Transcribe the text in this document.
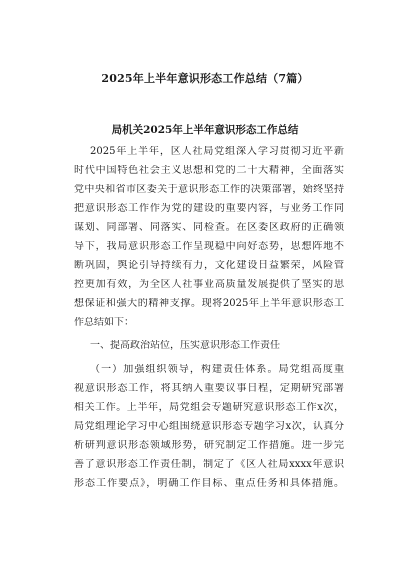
2025年上半年意识形态工作总结（7篇）
局机关2025年上半年意识形态工作总结
2025年上半年，区人社局党组深入学习贯彻习近平新
时代中国特色社会主义思想和党的二十大精神，全面落实
党中央和省市区委关于意识形态工作的决策部署，始终坚持
把意识形态工作作为党的建设的重要内容，与业务工作同
谋划、同部署、同落实、同检查。在区委区政府的正确领
导下，我局意识形态工作呈现稳中向好态势，思想阵地不
断巩固，舆论引导持续有力，文化建设日益繁荣，风险管
控更加有效，为全区人社事业高质量发展提供了坚实的思
想保证和强大的精神支撑。现将2025年上半年意识形态工
作总结如下：
一、提高政治站位，压实意识形态工作责任
（一）加强组织领导，构建责任体系。局党组高度重
视意识形态工作，将其纳入重要议事日程，定期研究部署
相关工作。上半年，局党组会专题研究意识形态工作x次，
局党组理论学习中心组围绕意识形态专题学习x次，认真分
析研判意识形态领域形势，研究制定工作措施。进一步完
善了意识形态工作责任制，制定了《区人社局xxxx年意识
形态工作要点》，明确工作目标、重点任务和具体措施。
